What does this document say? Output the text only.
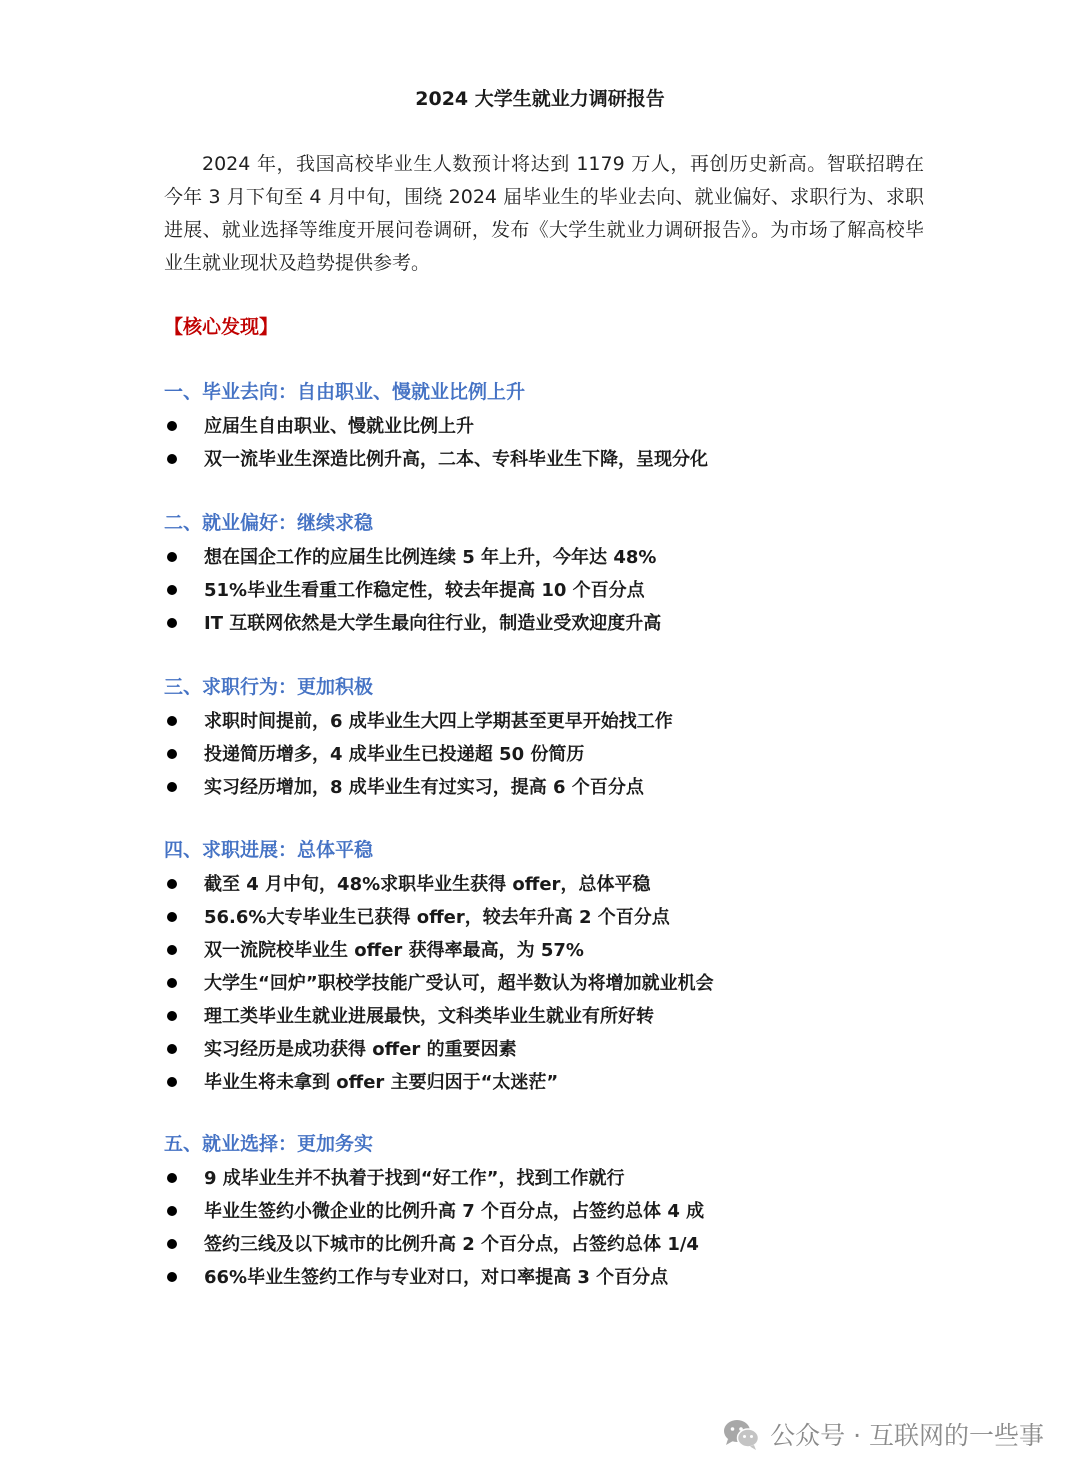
2024 大学生就业力调研报告

2024 年，我国高校毕业生人数预计将达到 1179 万人，再创历史新高。智联招聘在今年 3 月下旬至 4 月中旬，围绕 2024 届毕业生的毕业去向、就业偏好、求职行为、求职进展、就业选择等维度开展问卷调研，发布《大学生就业力调研报告》。为市场了解高校毕业生就业现状及趋势提供参考。

【核心发现】
一、毕业去向：自由职业、慢就业比例上升
应届生自由职业、慢就业比例上升
双一流毕业生深造比例升高，二本、专科毕业生下降，呈现分化
二、就业偏好：继续求稳
想在国企工作的应届生比例连续 5 年上升，今年达 48%
51%毕业生看重工作稳定性，较去年提高 10 个百分点
IT 互联网依然是大学生最向往行业，制造业受欢迎度升高
三、求职行为：更加积极
求职时间提前，6 成毕业生大四上学期甚至更早开始找工作
投递简历增多，4 成毕业生已投递超 50 份简历
实习经历增加，8 成毕业生有过实习，提高 6 个百分点
四、求职进展：总体平稳
截至 4 月中旬，48%求职毕业生获得 offer，总体平稳
56.6%大专毕业生已获得 offer，较去年升高 2 个百分点
双一流院校毕业生 offer 获得率最高，为 57%
大学生“回炉”职校学技能广受认可，超半数认为将增加就业机会
理工类毕业生就业进展最快，文科类毕业生就业有所好转
实习经历是成功获得 offer 的重要因素
毕业生将未拿到 offer 主要归因于“太迷茫”
五、就业选择：更加务实
9 成毕业生并不执着于找到“好工作”，找到工作就行
毕业生签约小微企业的比例升高 7 个百分点，占签约总体 4 成
签约三线及以下城市的比例升高 2 个百分点，占签约总体 1/4
66%毕业生签约工作与专业对口，对口率提高 3 个百分点
公众号 · 互联网的一些事
